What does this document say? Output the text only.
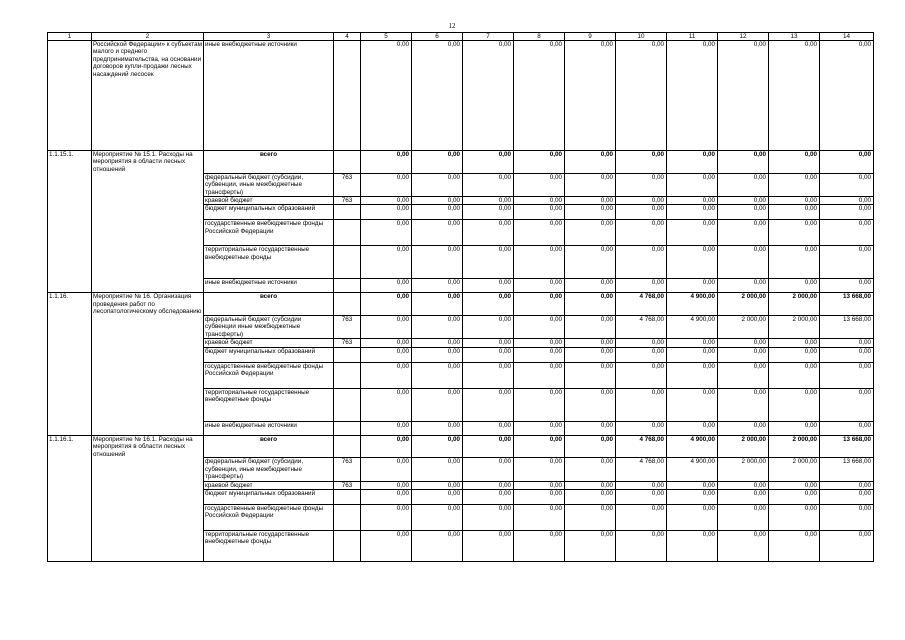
12
1	2	3	4	5	6	7	8	9	10	11	12	13	14
	Российской Федерации» к субъектам малого и среднего предпринимательства, на основании договоров купли-продажи лесных насаждений лесосек	иные внебюджетные источники		0,00	0,00	0,00	0,00	0,00	0,00	0,00	0,00	0,00	0,00
1.1.15.1.	Мероприятие № 15.1. Расходы на мероприятия в области лесных отношений	всего		0,00	0,00	0,00	0,00	0,00	0,00	0,00	0,00	0,00	0,00
		федеральный бюджет (субсидии, субвенции, иные межбюджетные трансферты)	763	0,00	0,00	0,00	0,00	0,00	0,00	0,00	0,00	0,00	0,00
		краевой бюджет	763	0,00	0,00	0,00	0,00	0,00	0,00	0,00	0,00	0,00	0,00
		бюджет муниципальных образований		0,00	0,00	0,00	0,00	0,00	0,00	0,00	0,00	0,00	0,00
		государственные внебюджетные фонды Российской Федерации		0,00	0,00	0,00	0,00	0,00	0,00	0,00	0,00	0,00	0,00
		территориальные государственные внебюджетные фонды		0,00	0,00	0,00	0,00	0,00	0,00	0,00	0,00	0,00	0,00
		иные внебюджетные источники		0,00	0,00	0,00	0,00	0,00	0,00	0,00	0,00	0,00	0,00
1.1.16.	Мероприятие № 16. Организация проведения работ по лесопатологическому обследованию	всего		0,00	0,00	0,00	0,00	0,00	4 768,00	4 900,00	2 000,00	2 000,00	13 668,00
		федеральный бюджет (субсидии субвенции иные межбюджетные трансферты)	763	0,00	0,00	0,00	0,00	0,00	4 768,00	4 900,00	2 000,00	2 000,00	13 668,00
		краевой бюджет	763	0,00	0,00	0,00	0,00	0,00	0,00	0,00	0,00	0,00	0,00
		бюджет муниципальных образований		0,00	0,00	0,00	0,00	0,00	0,00	0,00	0,00	0,00	0,00
		государственные внебюджетные фонды Российской Федерации		0,00	0,00	0,00	0,00	0,00	0,00	0,00	0,00	0,00	0,00
		территориальные государственные внебюджетные фонды		0,00	0,00	0,00	0,00	0,00	0,00	0,00	0,00	0,00	0,00
		иные внебюджетные источники		0,00	0,00	0,00	0,00	0,00	0,00	0,00	0,00	0,00	0,00
1.1.16.1.	Мероприятие № 16.1. Расходы на мероприятия в области лесных отношений	всего		0,00	0,00	0,00	0,00	0,00	4 768,00	4 900,00	2 000,00	2 000,00	13 668,00
		федеральный бюджет (субсидии, субвенции, иные межбюджетные трансферты)	763	0,00	0,00	0,00	0,00	0,00	4 768,00	4 900,00	2 000,00	2 000,00	13 668,00
		краевой бюджет	763	0,00	0,00	0,00	0,00	0,00	0,00	0,00	0,00	0,00	0,00
		бюджет муниципальных образований		0,00	0,00	0,00	0,00	0,00	0,00	0,00	0,00	0,00	0,00
		государственные внебюджетные фонды Российской Федерации		0,00	0,00	0,00	0,00	0,00	0,00	0,00	0,00	0,00	0,00
		территориальные государственные внебюджетные фонды		0,00	0,00	0,00	0,00	0,00	0,00	0,00	0,00	0,00	0,00
